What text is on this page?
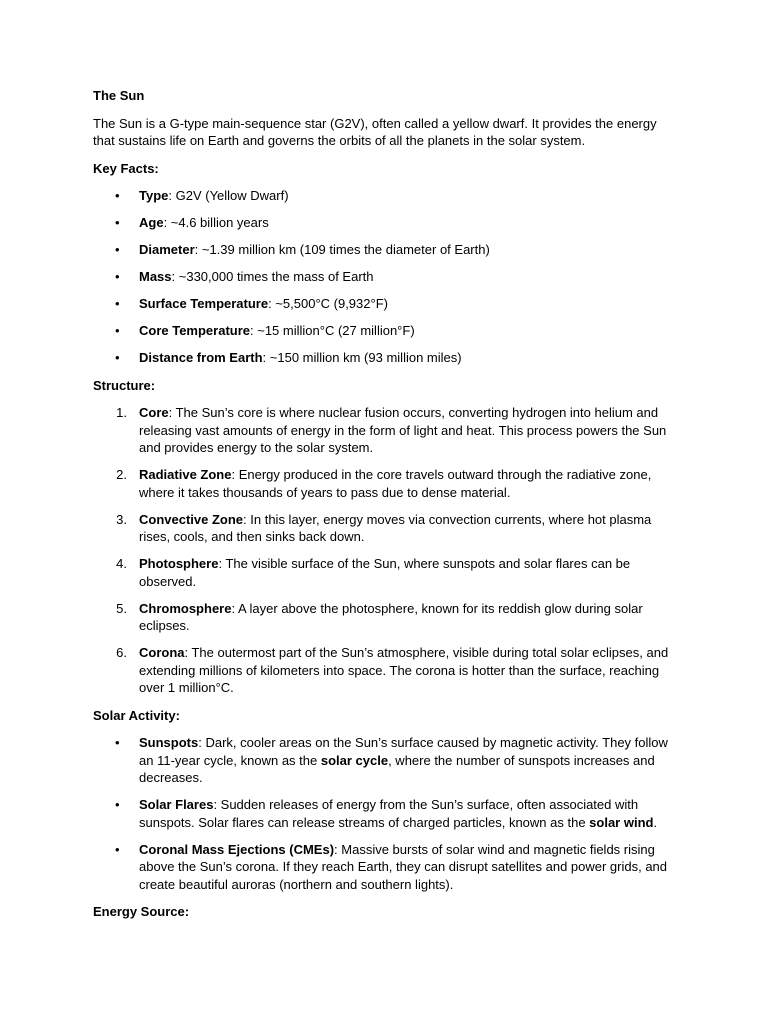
The Sun

The Sun is a G-type main-sequence star (G2V), often called a yellow dwarf. It provides the energy that sustains life on Earth and governs the orbits of all the planets in the solar system.

Key Facts:
• Type: G2V (Yellow Dwarf)
• Age: ~4.6 billion years
• Diameter: ~1.39 million km (109 times the diameter of Earth)
• Mass: ~330,000 times the mass of Earth
• Surface Temperature: ~5,500°C (9,932°F)
• Core Temperature: ~15 million°C (27 million°F)
• Distance from Earth: ~150 million km (93 million miles)
Structure:
1. Core: The Sun’s core is where nuclear fusion occurs, converting hydrogen into helium and releasing vast amounts of energy in the form of light and heat. This process powers the Sun and provides energy to the solar system.
2. Radiative Zone: Energy produced in the core travels outward through the radiative zone, where it takes thousands of years to pass due to dense material.
3. Convective Zone: In this layer, energy moves via convection currents, where hot plasma rises, cools, and then sinks back down.
4. Photosphere: The visible surface of the Sun, where sunspots and solar flares can be observed.
5. Chromosphere: A layer above the photosphere, known for its reddish glow during solar eclipses.
6. Corona: The outermost part of the Sun’s atmosphere, visible during total solar eclipses, and extending millions of kilometers into space. The corona is hotter than the surface, reaching over 1 million°C.
Solar Activity:
• Sunspots: Dark, cooler areas on the Sun’s surface caused by magnetic activity. They follow an 11-year cycle, known as the solar cycle, where the number of sunspots increases and decreases.
• Solar Flares: Sudden releases of energy from the Sun’s surface, often associated with sunspots. Solar flares can release streams of charged particles, known as the solar wind.
• Coronal Mass Ejections (CMEs): Massive bursts of solar wind and magnetic fields rising above the Sun’s corona. If they reach Earth, they can disrupt satellites and power grids, and create beautiful auroras (northern and southern lights).
Energy Source:
